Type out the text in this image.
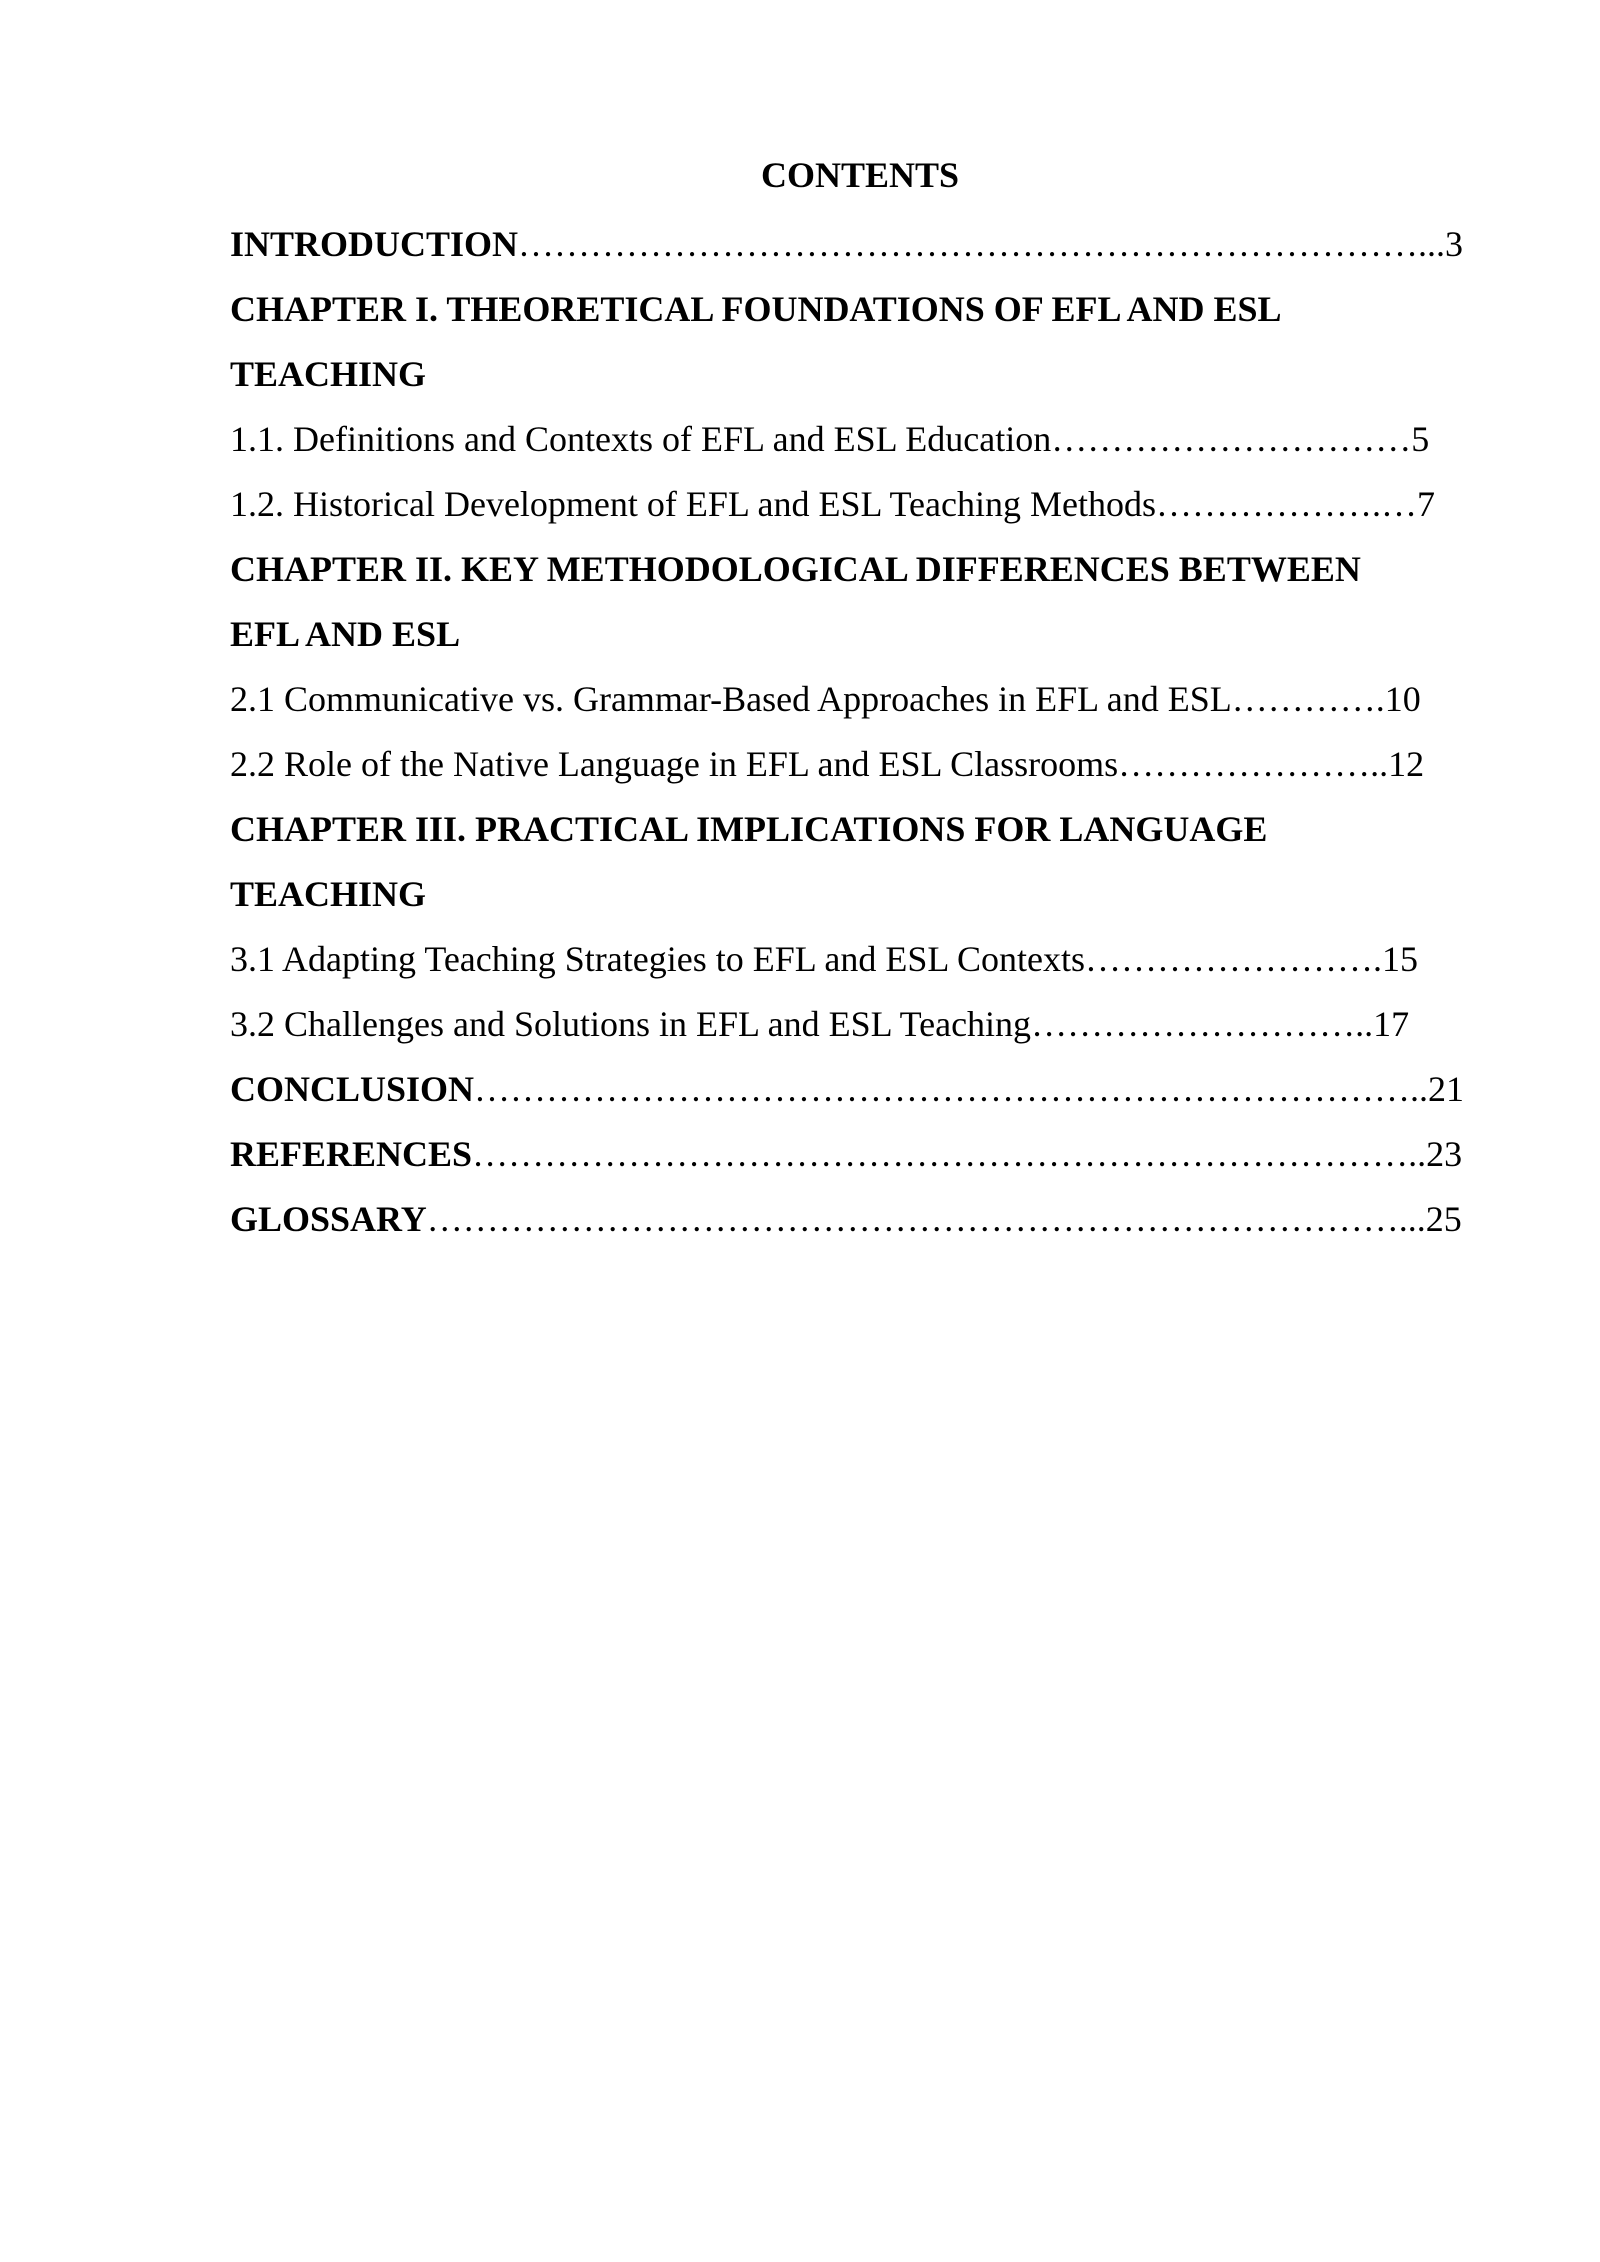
CONTENTS
INTRODUCTION…………………………………………………………………...3
CHAPTER I. THEORETICAL FOUNDATIONS OF EFL AND ESL
TEACHING
1.1. Definitions and Contexts of EFL and ESL Education…………………………5
1.2. Historical Development of EFL and ESL Teaching Methods……………….…7
CHAPTER II. KEY METHODOLOGICAL DIFFERENCES BETWEEN
EFL AND ESL
2.1 Communicative vs. Grammar-Based Approaches in EFL and ESL………….10
2.2 Role of the Native Language in EFL and ESL Classrooms…………………..12
CHAPTER III. PRACTICAL IMPLICATIONS FOR LANGUAGE
TEACHING
3.1 Adapting Teaching Strategies to EFL and ESL Contexts…………………….15
3.2 Challenges and Solutions in EFL and ESL Teaching………………………..17
CONCLUSION……………………………………………………………………..21
REFERENCES……………………………………………………………………..23
GLOSSARY………………………………………………………………………...25
